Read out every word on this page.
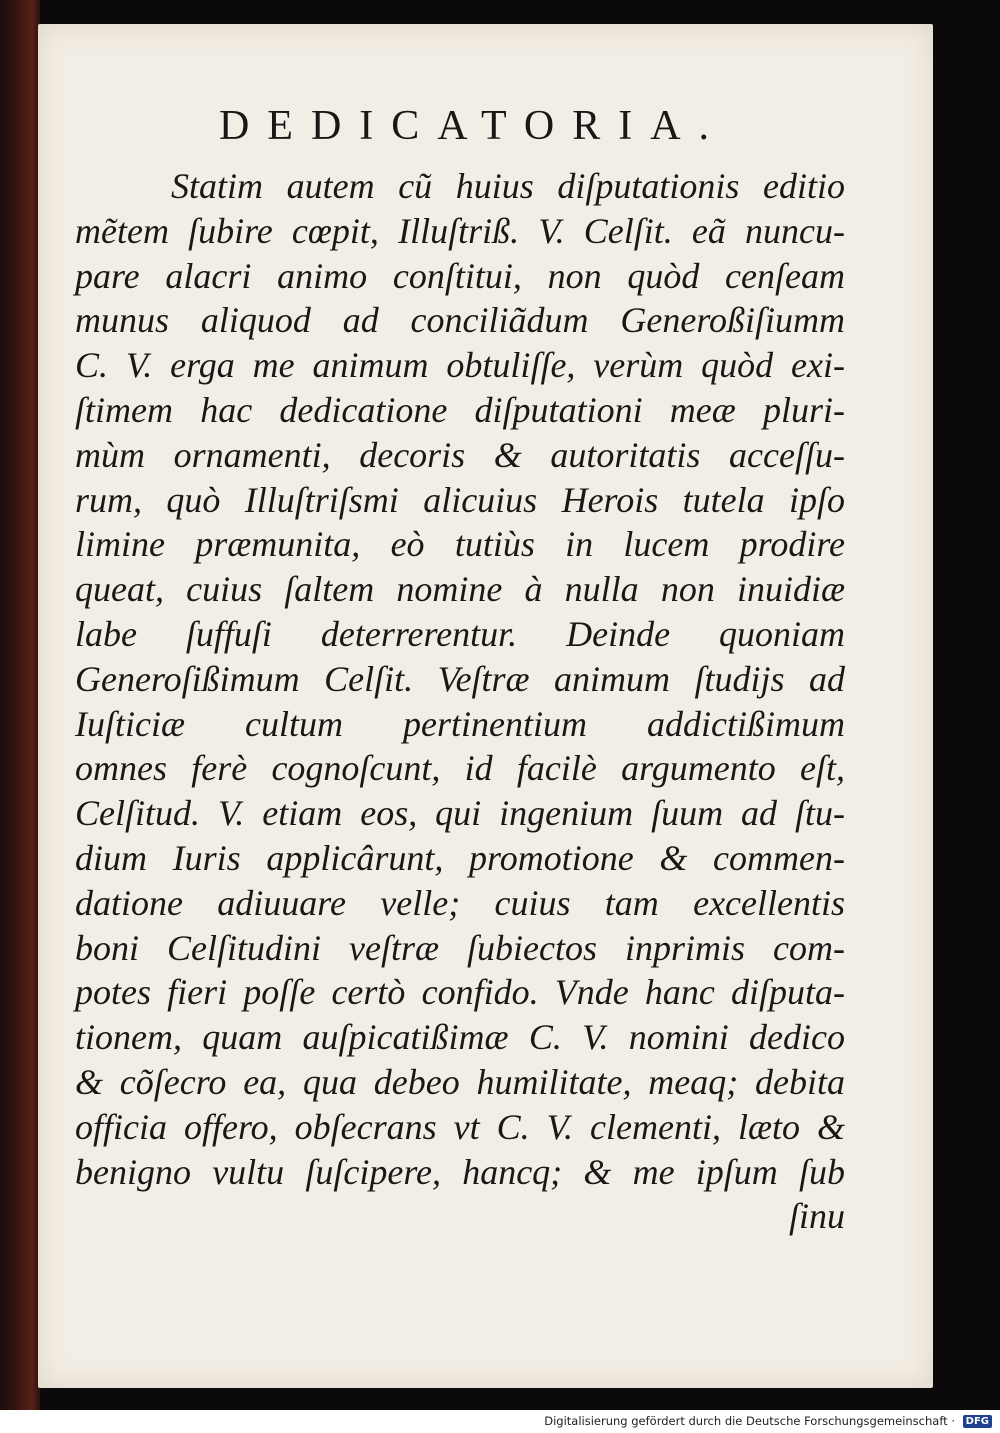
DEDICATORIA.
Statim autem cũ huius diſputationis editio
mẽtem ſubire cœpit, Illuſtriß. V. Celſit. eã nuncu-
pare alacri animo conſtitui, non quòd cenſeam
munus aliquod ad conciliãdum Generoßiſiumm
C. V. erga me animum obtuliſſe, verùm quòd exi-
ſtimem hac dedicatione diſputationi meæ pluri-
mùm ornamenti, decoris & autoritatis acceſſu-
rum, quò Illuſtriſsmi alicuius Herois tutela ipſo
limine præmunita, eò tutiùs in lucem prodire
queat, cuius ſaltem nomine à nulla non inuidiæ
labe ſuffuſi deterrerentur. Deinde quoniam
Generoſißimum Celſit. Veſtræ animum ſtudijs ad
Iuſticiæ cultum pertinentium addictißimum
omnes ferè cognoſcunt, id facilè argumento eſt,
Celſitud. V. etiam eos, qui ingenium ſuum ad ſtu-
dium Iuris applicârunt, promotione & commen-
datione adiuuare velle; cuius tam excellentis
boni Celſitudini veſtræ ſubiectos inprimis com-
potes fieri poſſe certò confido. Vnde hanc diſputa-
tionem, quam auſpicatißimæ C. V. nomini dedico
& cõſecro ea, qua debeo humilitate, meaq; debita
officia offero, obſecrans vt C. V. clementi, læto &
benigno vultu ſuſcipere, hancq; & me ipſum ſub
ſinu
Digitalisierung gefördert durch die Deutsche Forschungsgemeinschaft · DFG
